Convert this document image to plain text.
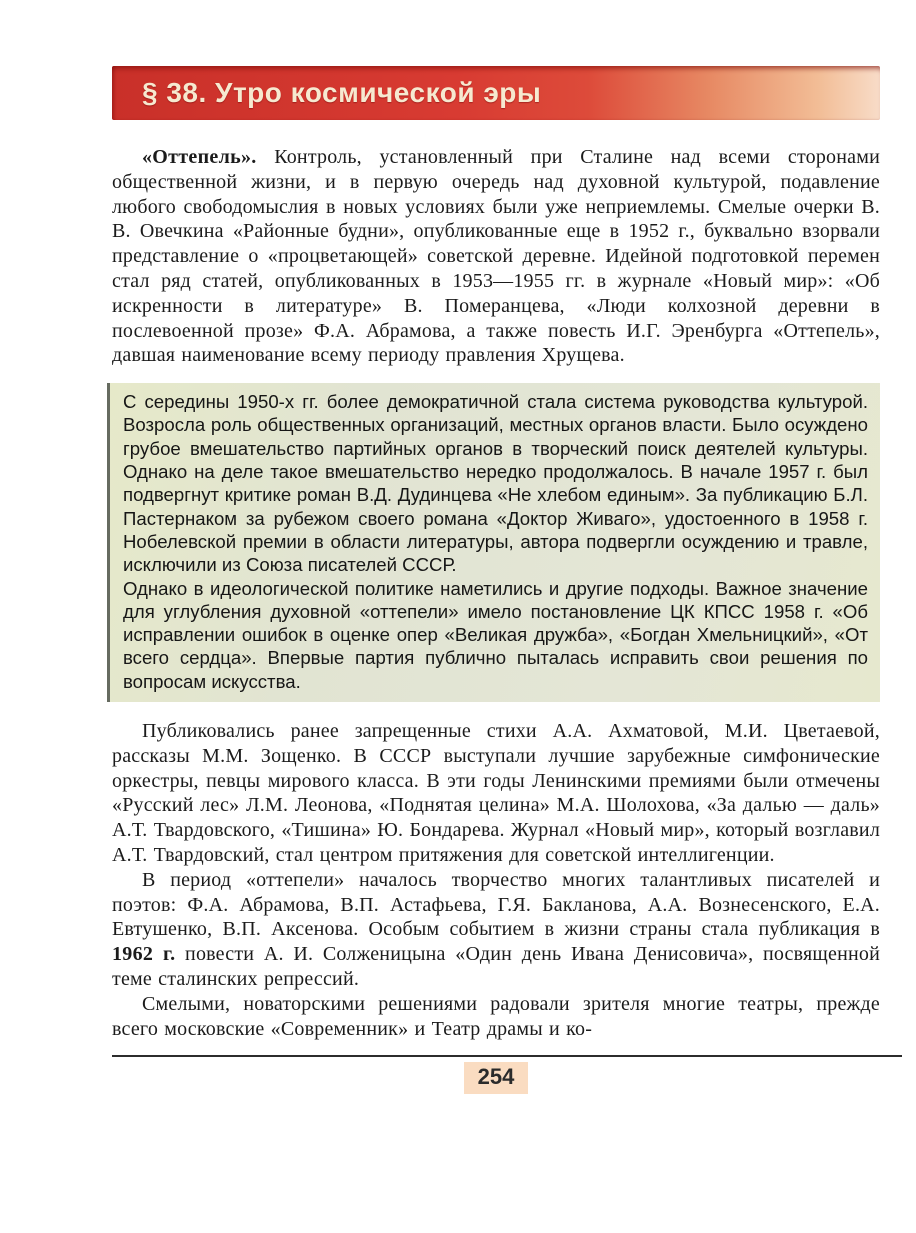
§ 38. Утро космической эры

«Оттепель». Контроль, установленный при Сталине над всеми сторонами общественной жизни, и в первую очередь над духовной культурой, подавление любого свободомыслия в новых условиях были уже неприемлемы. Смелые очерки В. В. Овечкина «Районные будни», опубликованные еще в 1952 г., буквально взорвали представление о «процветающей» советской деревне. Идейной подготовкой перемен стал ряд статей, опубликованных в 1953—1955 гг. в журнале «Новый мир»: «Об искренности в литературе» В. Померанцева, «Люди колхозной деревни в послевоенной прозе» Ф.А. Абрамова, а также повесть И.Г. Эренбурга «Оттепель», давшая наименование всему периоду правления Хрущева.

С середины 1950-х гг. более демократичной стала система руководства культурой. Возросла роль общественных организаций, местных органов власти. Было осуждено грубое вмешательство партийных органов в творческий поиск деятелей культуры. Однако на деле такое вмешательство нередко продолжалось. В начале 1957 г. был подвергнут критике роман В.Д. Дудинцева «Не хлебом единым». За публикацию Б.Л. Пастернаком за рубежом своего романа «Доктор Живаго», удостоенного в 1958 г. Нобелевской премии в области литературы, автора подвергли осуждению и травле, исключили из Союза писателей СССР.

Однако в идеологической политике наметились и другие подходы. Важное значение для углубления духовной «оттепели» имело постановление ЦК КПСС 1958 г. «Об исправлении ошибок в оценке опер «Великая дружба», «Богдан Хмельницкий», «От всего сердца». Впервые партия публично пыталась исправить свои решения по вопросам искусства.

Публиковались ранее запрещенные стихи А.А. Ахматовой, М.И. Цветаевой, рассказы М.М. Зощенко. В СССР выступали лучшие зарубежные симфонические оркестры, певцы мирового класса. В эти годы Ленинскими премиями были отмечены «Русский лес» Л.М. Леонова, «Поднятая целина» М.А. Шолохова, «За далью — даль» А.Т. Твардовского, «Тишина» Ю. Бондарева. Журнал «Новый мир», который возглавил А.Т. Твардовский, стал центром притяжения для советской интеллигенции.

В период «оттепели» началось творчество многих талантливых писателей и поэтов: Ф.А. Абрамова, В.П. Астафьева, Г.Я. Бакланова, А.А. Вознесенского, Е.А. Евтушенко, В.П. Аксенова. Особым событием в жизни страны стала публикация в 1962 г. повести А. И. Солженицына «Один день Ивана Денисовича», посвященной теме сталинских репрессий.

Смелыми, новаторскими решениями радовали зрителя многие театры, прежде всего московские «Современник» и Театр драмы и ко-

254
